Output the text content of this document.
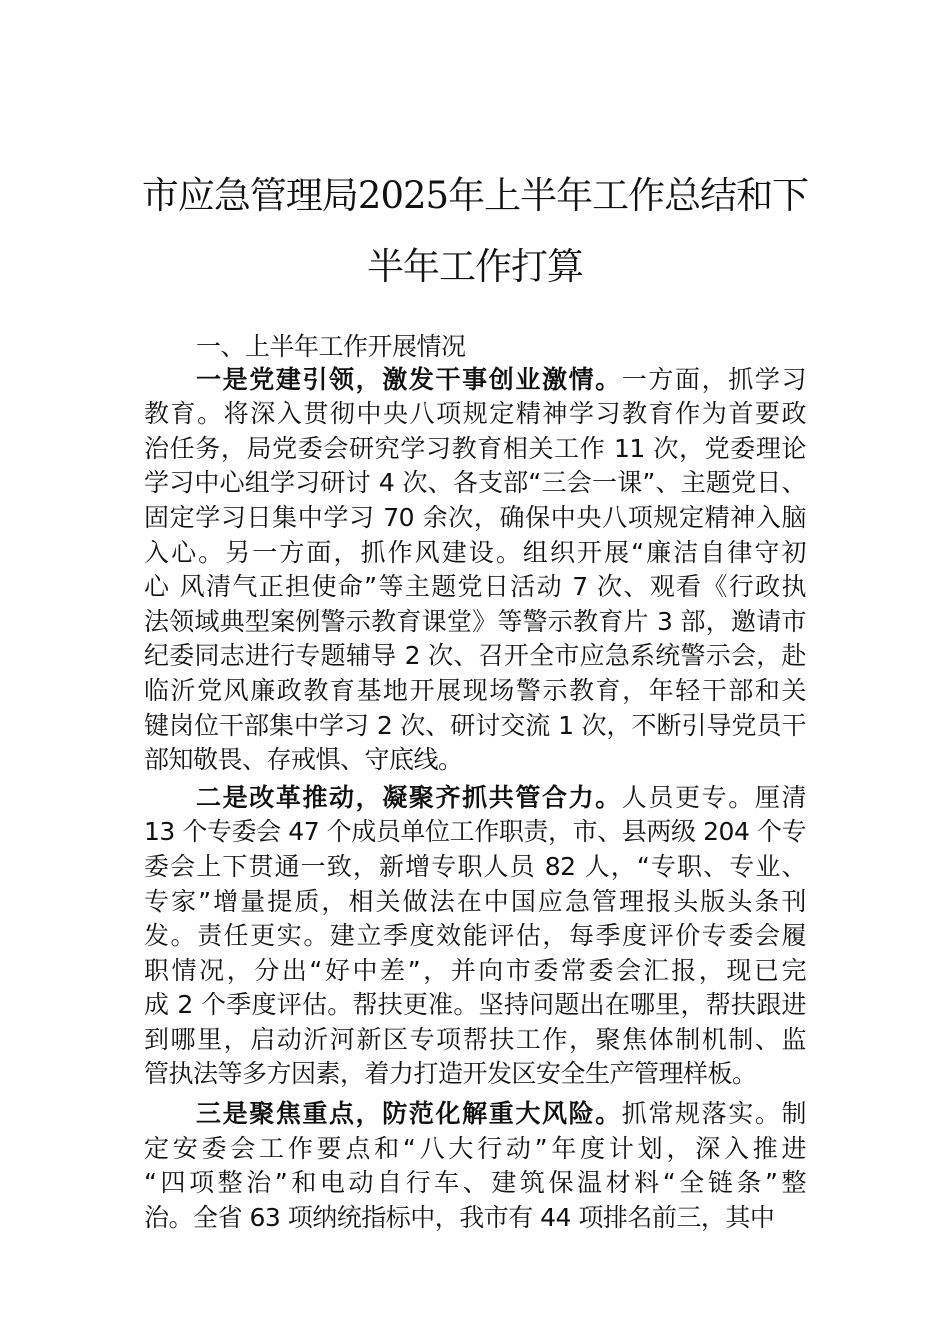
市应急管理局2025年上半年工作总结和下
半年工作打算
一、上半年工作开展情况
一是党建引领，激发干事创业激情。一方面，抓学习
教育。将深入贯彻中央八项规定精神学习教育作为首要政
治任务，局党委会研究学习教育相关工作 11 次，党委理论
学习中心组学习研讨 4 次、各支部“三会一课”、主题党日、
固定学习日集中学习 70 余次，确保中央八项规定精神入脑
入心。另一方面，抓作风建设。组织开展“廉洁自律守初
心 风清气正担使命”等主题党日活动 7 次、观看《行政执
法领域典型案例警示教育课堂》等警示教育片 3 部，邀请市
纪委同志进行专题辅导 2 次、召开全市应急系统警示会，赴
临沂党风廉政教育基地开展现场警示教育，年轻干部和关
键岗位干部集中学习 2 次、研讨交流 1 次，不断引导党员干
部知敬畏、存戒惧、守底线。
二是改革推动，凝聚齐抓共管合力。人员更专。厘清
13 个专委会 47 个成员单位工作职责，市、县两级 204 个专
委会上下贯通一致，新增专职人员 82 人，“专职、专业、
专家”增量提质，相关做法在中国应急管理报头版头条刊
发。责任更实。建立季度效能评估，每季度评价专委会履
职情况，分出“好中差”，并向市委常委会汇报，现已完
成 2 个季度评估。帮扶更准。坚持问题出在哪里，帮扶跟进
到哪里，启动沂河新区专项帮扶工作，聚焦体制机制、监
管执法等多方因素，着力打造开发区安全生产管理样板。
三是聚焦重点，防范化解重大风险。抓常规落实。制
定安委会工作要点和“八大行动”年度计划，深入推进
“四项整治”和电动自行车、建筑保温材料“全链条”整
治。全省 63 项纳统指标中，我市有 44 项排名前三，其中
